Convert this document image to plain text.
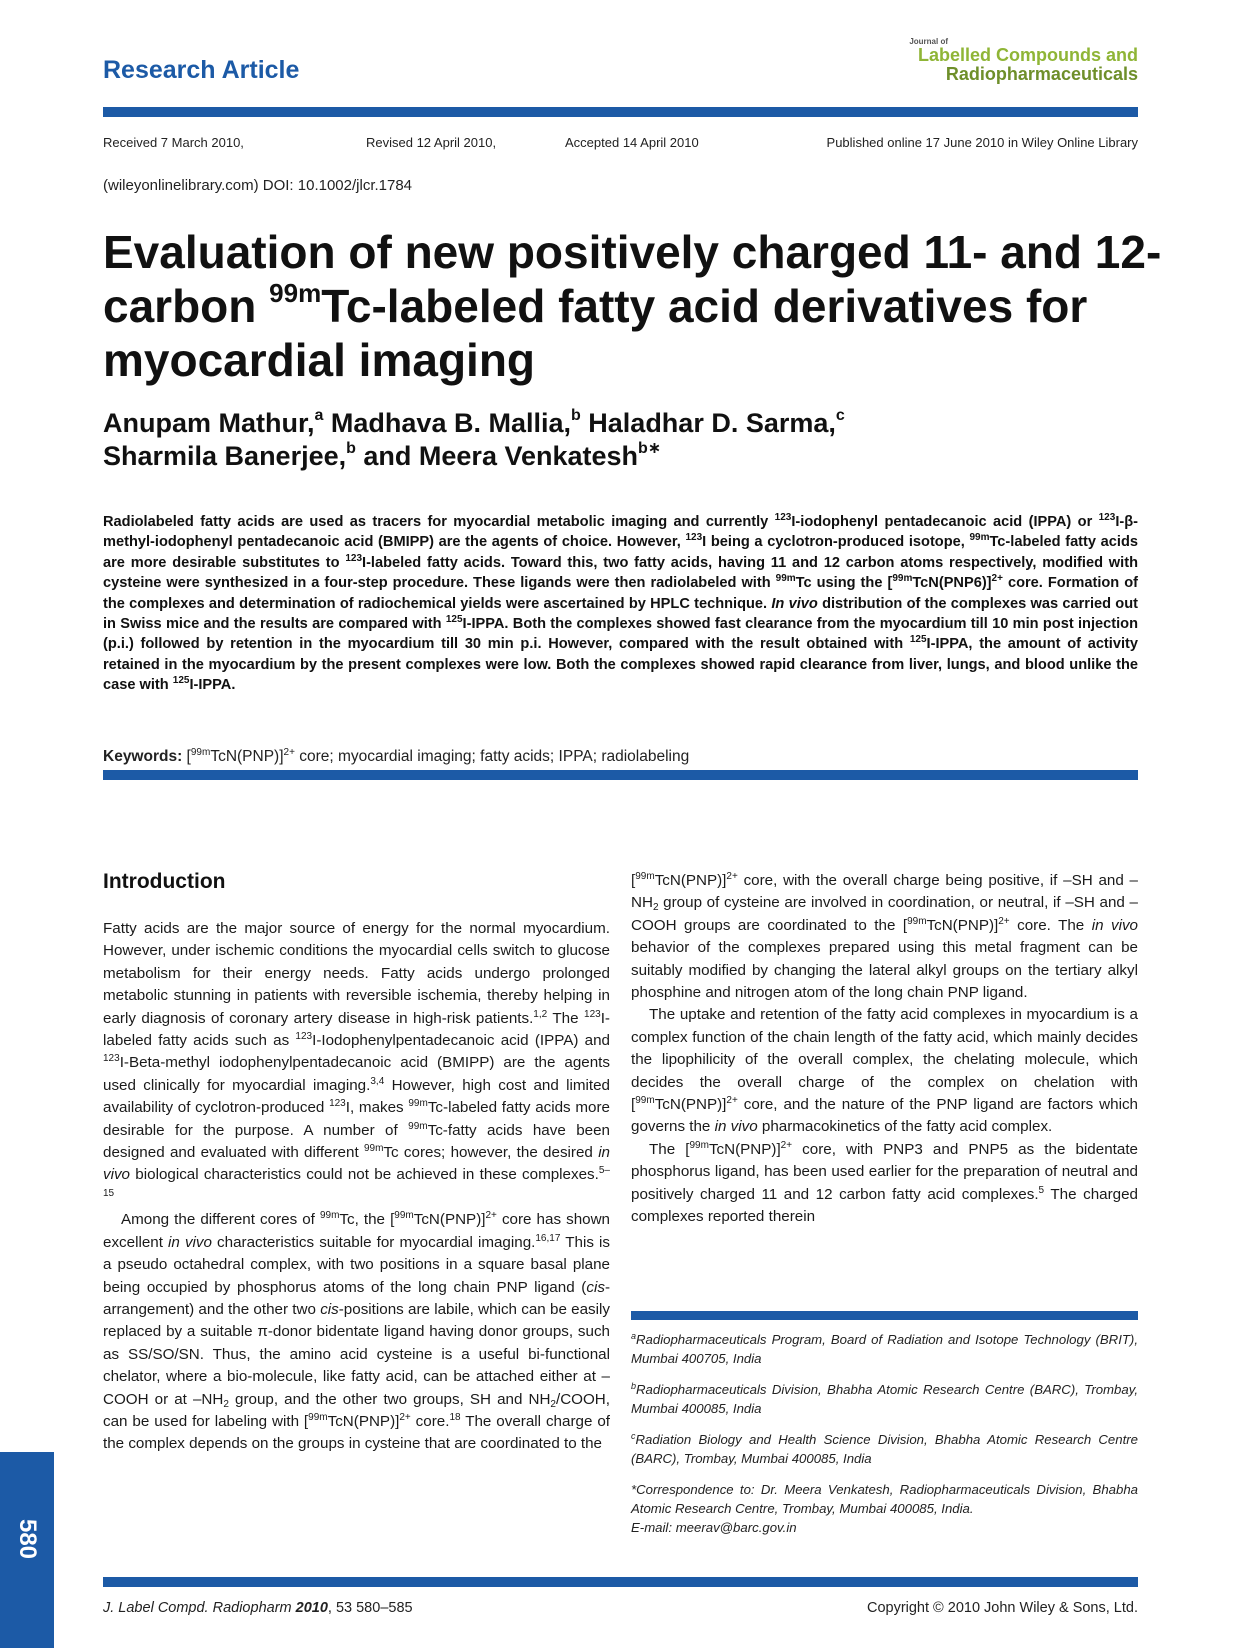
Research Article
Journal of
Labelled Compounds and
Radiopharmaceuticals
Received 7 March 2010,	Revised 12 April 2010,	Accepted 14 April 2010	Published online 17 June 2010 in Wiley Online Library
(wileyonlinelibrary.com) DOI: 10.1002/jlcr.1784
Evaluation of new positively charged 11- and 12-carbon $^{99m}$Tc-labeled fatty acid derivatives for myocardial imaging
Anupam Mathur,$^a$ Madhava B. Mallia,$^b$ Haladhar D. Sarma,$^c$
Sharmila Banerjee,$^b$ and Meera Venkatesh$^{b∗}$

Radiolabeled fatty acids are used as tracers for myocardial metabolic imaging and currently $^{123}$I-iodophenyl pentadecanoic acid (IPPA) or $^{123}$I-β-methyl-iodophenyl pentadecanoic acid (BMIPP) are the agents of choice. However, $^{123}$I being a cyclotron-produced isotope, $^{99m}$Tc-labeled fatty acids are more desirable substitutes to $^{123}$I-labeled fatty acids. Toward this, two fatty acids, having 11 and 12 carbon atoms respectively, modified with cysteine were synthesized in a four-step procedure. These ligands were then radiolabeled with $^{99m}$Tc using the $[^{99m}TcN(PNP6)]^{2+}$ core. Formation of the complexes and determination of radiochemical yields were ascertained by HPLC technique. In vivo distribution of the complexes was carried out in Swiss mice and the results are compared with $^{125}$I-IPPA. Both the complexes showed fast clearance from the myocardium till 10 min post injection (p.i.) followed by retention in the myocardium till 30 min p.i. However, compared with the result obtained with $^{125}$I-IPPA, the amount of activity retained in the myocardium by the present complexes were low. Both the complexes showed rapid clearance from liver, lungs, and blood unlike the case with $^{125}$I-IPPA.

Keywords: $[^{99m}TcN(PNP)]^{2+}$ core; myocardial imaging; fatty acids; IPPA; radiolabeling
Introduction

Fatty acids are the major source of energy for the normal myocardium. However, under ischemic conditions the myocardial cells switch to glucose metabolism for their energy needs. Fatty acids undergo prolonged metabolic stunning in patients with reversible ischemia, thereby helping in early diagnosis of coronary artery disease in high-risk patients.$^{1,2}$ The $^{123}$I-labeled fatty acids such as $^{123}$I-Iodophenylpentadecanoic acid (IPPA) and $^{123}$I-Beta-methyl iodophenylpentadecanoic acid (BMIPP) are the agents used clinically for myocardial imaging.$^{3,4}$ However, high cost and limited availability of cyclotron-produced $^{123}$I, makes $^{99m}$Tc-labeled fatty acids more desirable for the purpose. A number of $^{99m}$Tc-fatty acids have been designed and evaluated with different $^{99m}$Tc cores; however, the desired in vivo biological characteristics could not be achieved in these complexes.$^{5-15}$

Among the different cores of $^{99m}$Tc, the $[^{99m}TcN(PNP)]^{2+}$ core has shown excellent in vivo characteristics suitable for myocardial imaging.$^{16,17}$ This is a pseudo octahedral complex, with two positions in a square basal plane being occupied by phosphorus atoms of the long chain PNP ligand (cis-arrangement) and the other two cis-positions are labile, which can be easily replaced by a suitable π-donor bidentate ligand having donor groups, such as SS/SO/SN. Thus, the amino acid cysteine is a useful bi-functional chelator, where a bio-molecule, like fatty acid, can be attached either at –COOH or at $-NH_2$ group, and the other two groups, SH and $NH_2$/COOH, can be used for labeling with $[^{99m}TcN(PNP)]^{2+}$ core.$^{18}$ The overall charge of the complex depends on the groups in cysteine that are coordinated to the

$[^{99m}TcN(PNP)]^{2+}$ core, with the overall charge being positive, if –SH and $-NH_2$ group of cysteine are involved in coordination, or neutral, if –SH and –COOH groups are coordinated to the $[^{99m}TcN(PNP)]^{2+}$ core. The in vivo behavior of the complexes prepared using this metal fragment can be suitably modified by changing the lateral alkyl groups on the tertiary alkyl phosphine and nitrogen atom of the long chain PNP ligand.

The uptake and retention of the fatty acid complexes in myocardium is a complex function of the chain length of the fatty acid, which mainly decides the lipophilicity of the overall complex, the chelating molecule, which decides the overall charge of the complex on chelation with $[^{99m}TcN(PNP)]^{2+}$ core, and the nature of the PNP ligand are factors which governs the in vivo pharmacokinetics of the fatty acid complex.

The $[^{99m}TcN(PNP)]^{2+}$ core, with PNP3 and PNP5 as the bidentate phosphorus ligand, has been used earlier for the preparation of neutral and positively charged 11 and 12 carbon fatty acid complexes.$^5$ The charged complexes reported therein

$^a$Radiopharmaceuticals Program, Board of Radiation and Isotope Technology (BRIT), Mumbai 400705, India

$^b$Radiopharmaceuticals Division, Bhabha Atomic Research Centre (BARC), Trombay, Mumbai 400085, India

$^c$Radiation Biology and Health Science Division, Bhabha Atomic Research Centre (BARC), Trombay, Mumbai 400085, India

*Correspondence to: Dr. Meera Venkatesh, Radiopharmaceuticals Division, Bhabha Atomic Research Centre, Trombay, Mumbai 400085, India.
E-mail: meerav@barc.gov.in

580
J. Label Compd. Radiopharm 2010, 53 580–585	Copyright © 2010 John Wiley & Sons, Ltd.
